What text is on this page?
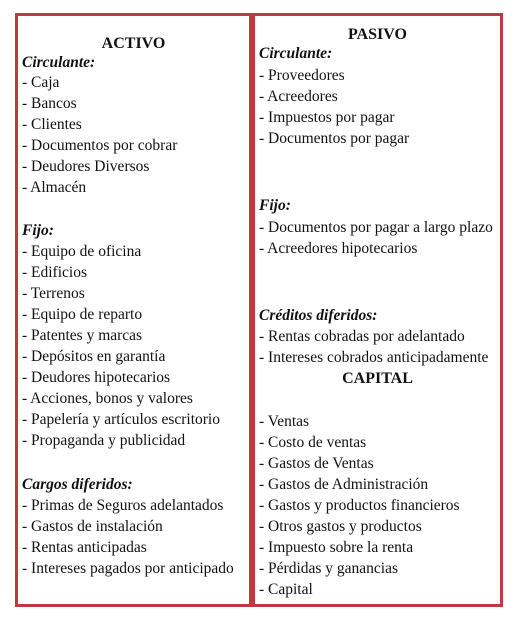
ACTIVO
Circulante:
- Caja
- Bancos
- Clientes
- Documentos por cobrar
- Deudores Diversos
- Almacén
Fijo:
- Equipo de oficina
- Edificios
- Terrenos
- Equipo de reparto
- Patentes y marcas
- Depósitos en garantía
- Deudores hipotecarios
- Acciones, bonos y valores
- Papelería y artículos escritorio
- Propaganda y publicidad
Cargos diferidos:
- Primas de Seguros adelantados
- Gastos de instalación
- Rentas anticipadas
- Intereses pagados por anticipado
PASIVO
Circulante:
- Proveedores
- Acreedores
- Impuestos por pagar
- Documentos por pagar
Fijo:
- Documentos por pagar a largo plazo
- Acreedores hipotecarios
Créditos diferidos:
- Rentas cobradas por adelantado
- Intereses cobrados anticipadamente
CAPITAL
- Ventas
- Costo de ventas
- Gastos de Ventas
- Gastos de Administración
- Gastos y productos financieros
- Otros gastos y productos
- Impuesto sobre la renta
- Pérdidas y ganancias
- Capital
